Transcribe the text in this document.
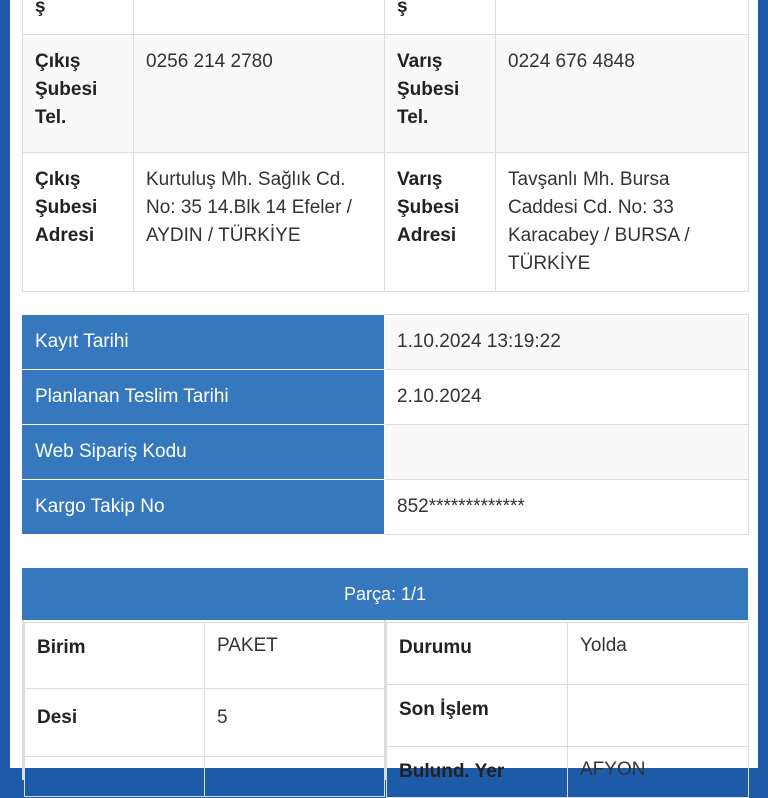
ş		ş	
Çıkış Şubesi Tel.	0256 214 2780	Varış Şubesi Tel.	0224 676 4848
Çıkış Şubesi Adresi	Kurtuluş Mh. Sağlık Cd. No: 35 14.Blk 14 Efeler / AYDIN / TÜRKİYE	Varış Şubesi Adresi	Tavşanlı Mh. Bursa Caddesi Cd. No: 33 Karacabey / BURSA / TÜRKİYE
Kayıt Tarihi	1.10.2024 13:19:22
Planlanan Teslim Tarihi	2.10.2024
Web Sipariş Kodu	
Kargo Takip No	852*************
Parça: 1/1
Birim	PAKET
Desi	5

Durumu	Yolda
Son İşlem	
Bulund. Yer	AFYON
